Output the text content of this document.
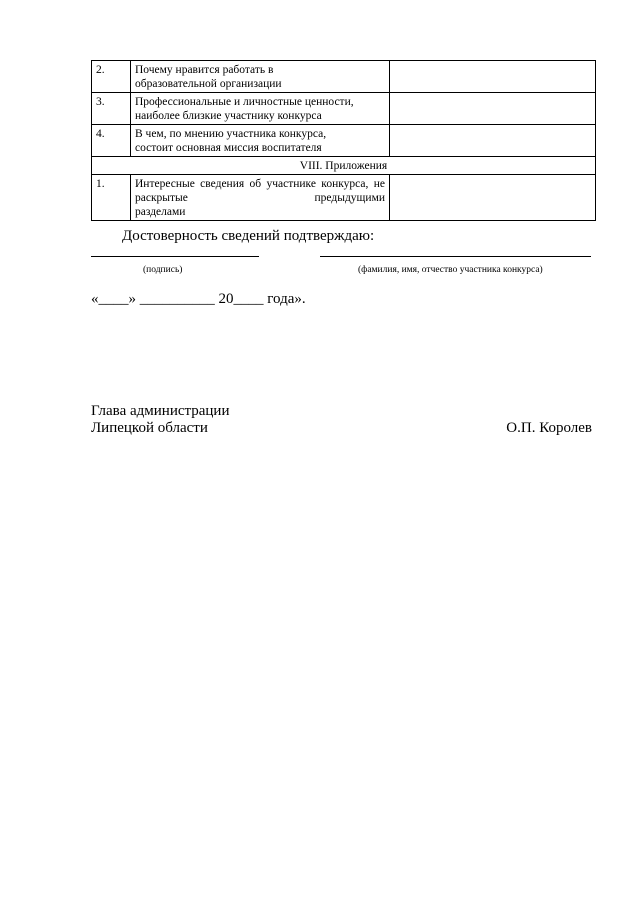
2.	Почему нравится работать в
образовательной организации	
3.	Профессиональные и личностные ценности,
наиболее близкие участнику конкурса	
4.	В чем, по мнению участника конкурса,
состоит основная миссия воспитателя	
VIII. Приложения		
1.	Интересные сведения об участнике конкурса, не раскрытые предыдущими
разделами	

Достоверность сведений подтверждаю:
(подпись)	(фамилия, имя, отчество участника конкурса)
«____» __________ 20____ года».
Глава администрации
Липецкой области	О.П. Королев
